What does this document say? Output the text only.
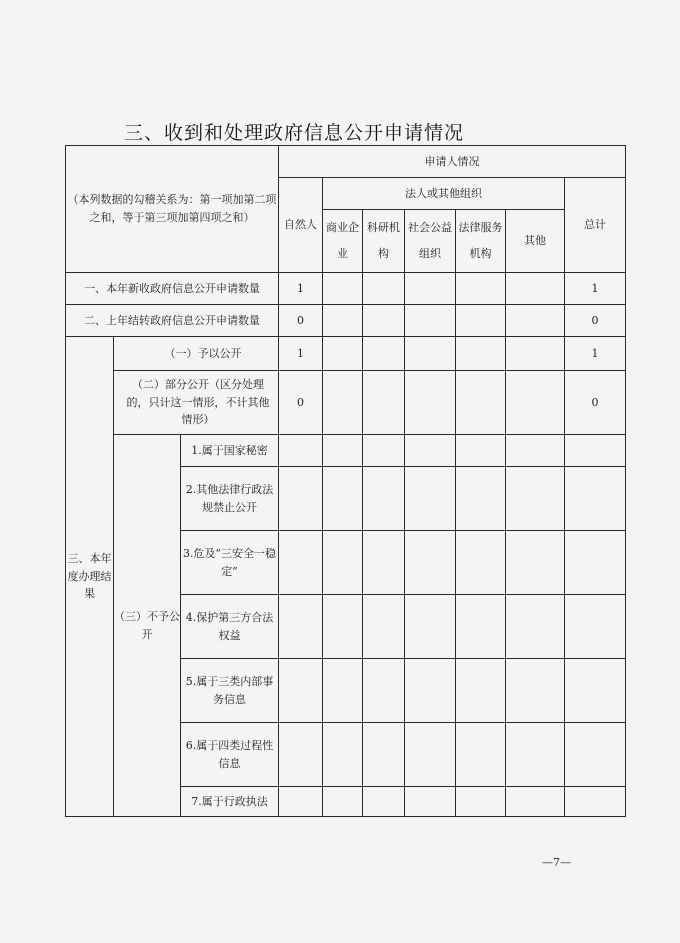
三、收到和处理政府信息公开申请情况
（本列数据的勾稽关系为：第一项加第二项之和，等于第三项加第四项之和）			申请人情况						
			自然人	法人或其他组织					总计
				商业企业	科研机构	社会公益组织	法律服务机构	其他	

一、本年新收政府信息公开申请数量			1						1
二、上年结转政府信息公开申请数量			0						0
三、本年度办理结果	（一）予以公开		1						1
	（二）部分公开（区分处理的，只计这一情形，不计其他情形）		0						0
	（三）不予公开	1.属于国家秘密							
		2.其他法律行政法规禁止公开							
		3.危及“三安全一稳定”							
		4.保护第三方合法权益							
		5.属于三类内部事务信息							
		6.属于四类过程性信息							
		7.属于行政执法							
—7—
